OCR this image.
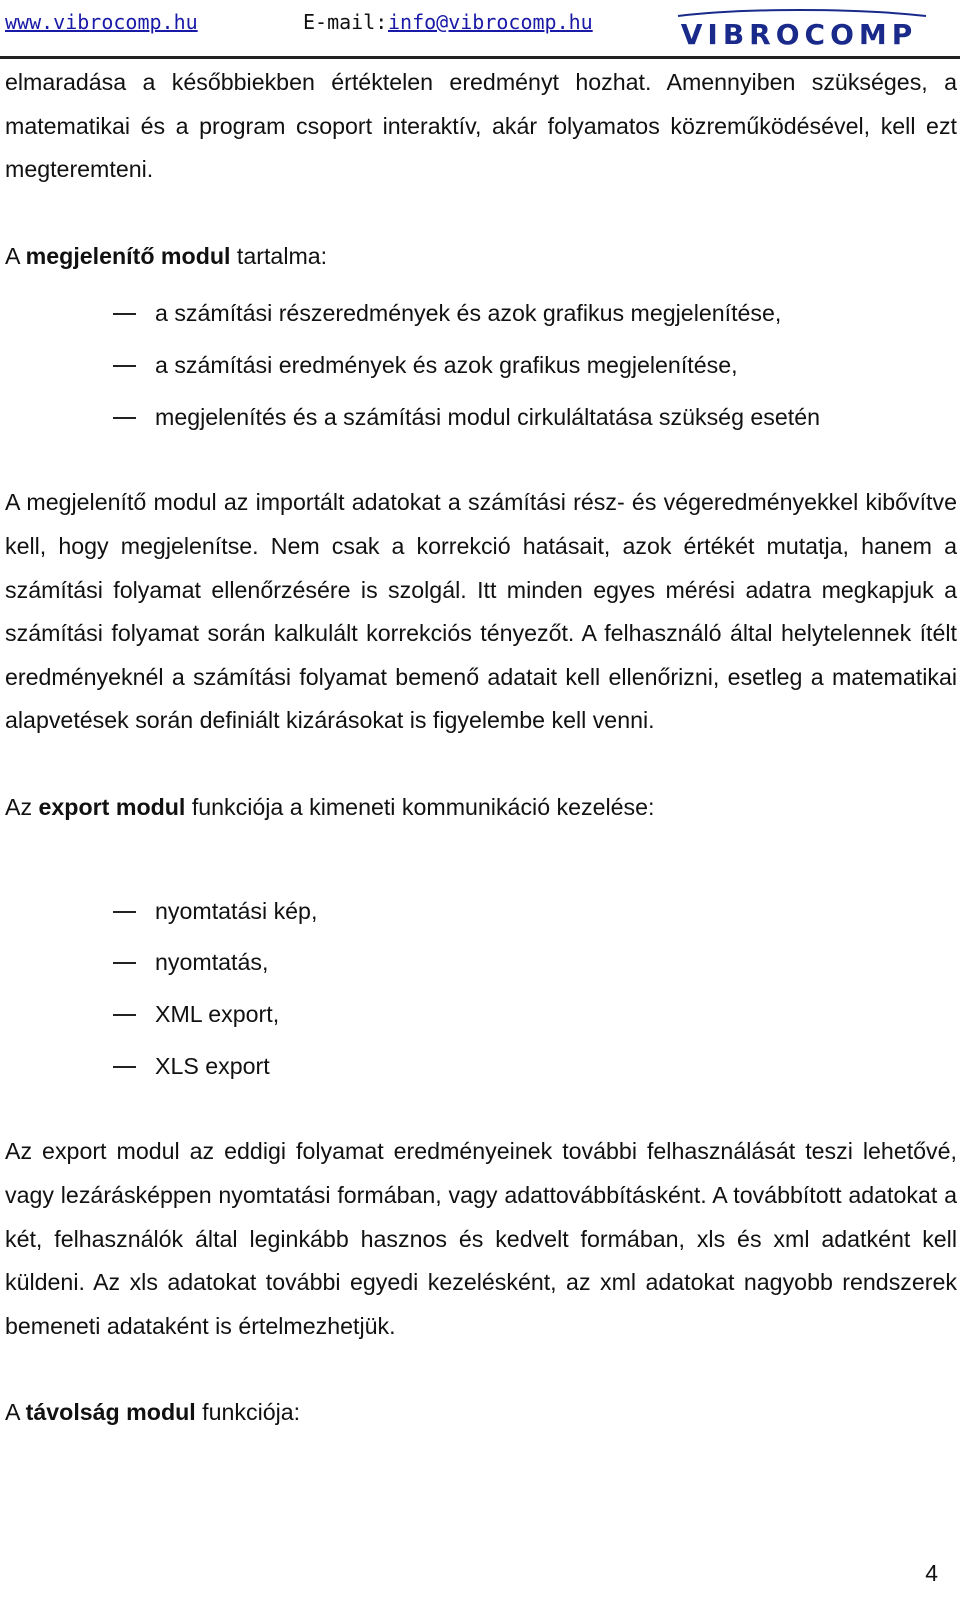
www.vibrocomp.hu	E-mail: info@vibrocomp.hu	VIBROCOMP

elmaradása a későbbiekben értéktelen eredményt hozhat. Amennyiben szükséges, a matematikai és a program csoport interaktív, akár folyamatos közreműködésével, kell ezt megteremteni.

A megjelenítő modul tartalma:

a számítási részeredmények és azok grafikus megjelenítése,
a számítási eredmények és azok grafikus megjelenítése,
megjelenítés és a számítási modul cirkuláltatása szükség esetén

A megjelenítő modul az importált adatokat a számítási rész- és végeredményekkel kibővítve kell, hogy megjelenítse. Nem csak a korrekció hatásait, azok értékét mutatja, hanem a számítási folyamat ellenőrzésére is szolgál. Itt minden egyes mérési adatra megkapjuk a számítási folyamat során kalkulált korrekciós tényezőt. A felhasználó által helytelennek ítélt eredményeknél a számítási folyamat bemenő adatait kell ellenőrizni, esetleg a matematikai alapvetések során definiált kizárásokat is figyelembe kell venni.

Az export modul funkciója a kimeneti kommunikáció kezelése:

nyomtatási kép,
nyomtatás,
XML export,
XLS export

Az export modul az eddigi folyamat eredményeinek további felhasználását teszi lehetővé, vagy lezárásképpen nyomtatási formában, vagy adattovábbításként. A továbbított adatokat a két, felhasználók által leginkább hasznos és kedvelt formában, xls és xml adatként kell küldeni. Az xls adatokat további egyedi kezelésként, az xml adatokat nagyobb rendszerek bemeneti adataként is értelmezhetjük.

A távolság modul funkciója:

4
